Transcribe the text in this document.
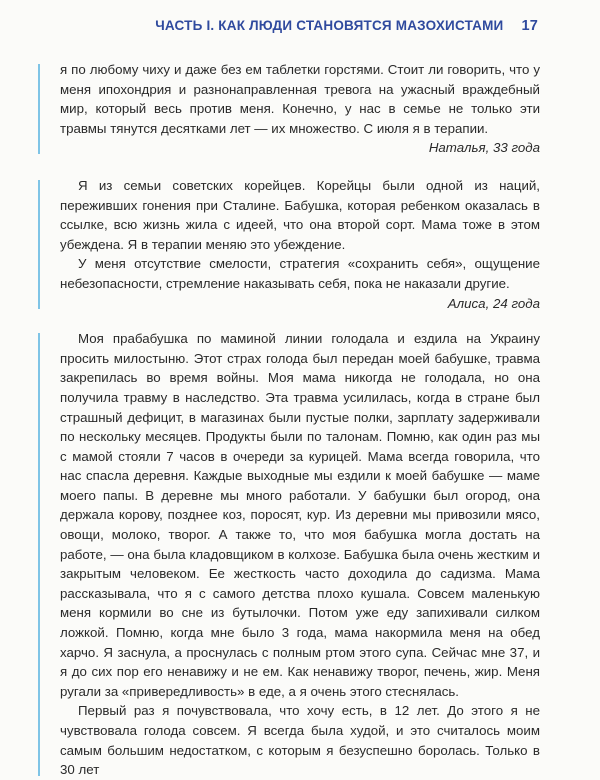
ЧАСТЬ I. КАК ЛЮДИ СТАНОВЯТСЯ МАЗОХИСТАМИ 17

я по любому чиху и даже без ем таблетки горстями. Стоит ли говорить, что у меня ипохондрия и разнонаправленная тревога на ужасный враждебный мир, который весь против меня. Конечно, у нас в семье не только эти травмы тянутся десятками лет — их множество. С июля я в терапии.

Наталья, 33 года

Я из семьи советских корейцев. Корейцы были одной из наций, переживших гонения при Сталине. Бабушка, которая ребенком оказалась в ссылке, всю жизнь жила с идеей, что она второй сорт. Мама тоже в этом убеждена. Я в терапии меняю это убеждение.

У меня отсутствие смелости, стратегия «сохранить себя», ощущение небезопасности, стремление наказывать себя, пока не наказали другие.

Алиса, 24 года

Моя прабабушка по маминой линии голодала и ездила на Украину просить милостыню. Этот страх голода был передан моей бабушке, травма закрепилась во время войны. Моя мама никогда не голодала, но она получила травму в наследство. Эта травма усилилась, когда в стране был страшный дефицит, в магазинах были пустые полки, зарплату задерживали по нескольку месяцев. Продукты были по талонам. Помню, как один раз мы с мамой стояли 7 часов в очереди за курицей. Мама всегда говорила, что нас спасла деревня. Каждые выходные мы ездили к моей бабушке — маме моего папы. В деревне мы много работали. У бабушки был огород, она держала корову, позднее коз, поросят, кур. Из деревни мы привозили мясо, овощи, молоко, творог. А также то, что моя бабушка могла достать на работе, — она была кладовщиком в колхозе. Бабушка была очень жестким и закрытым человеком. Ее жесткость часто доходила до садизма. Мама рассказывала, что я с самого детства плохо кушала. Совсем маленькую меня кормили во сне из бутылочки. Потом уже еду запихивали силком ложкой. Помню, когда мне было 3 года, мама накормила меня на обед харчо. Я заснула, а проснулась с полным ртом этого супа. Сейчас мне 37, и я до сих пор его ненавижу и не ем. Как ненавижу творог, печень, жир. Меня ругали за «привередливость» в еде, а я очень этого стеснялась.

Первый раз я почувствовала, что хочу есть, в 12 лет. До этого я не чувствовала голода совсем. Я всегда была худой, и это считалось моим самым большим недостатком, с которым я безуспешно боролась. Только в 30 лет
